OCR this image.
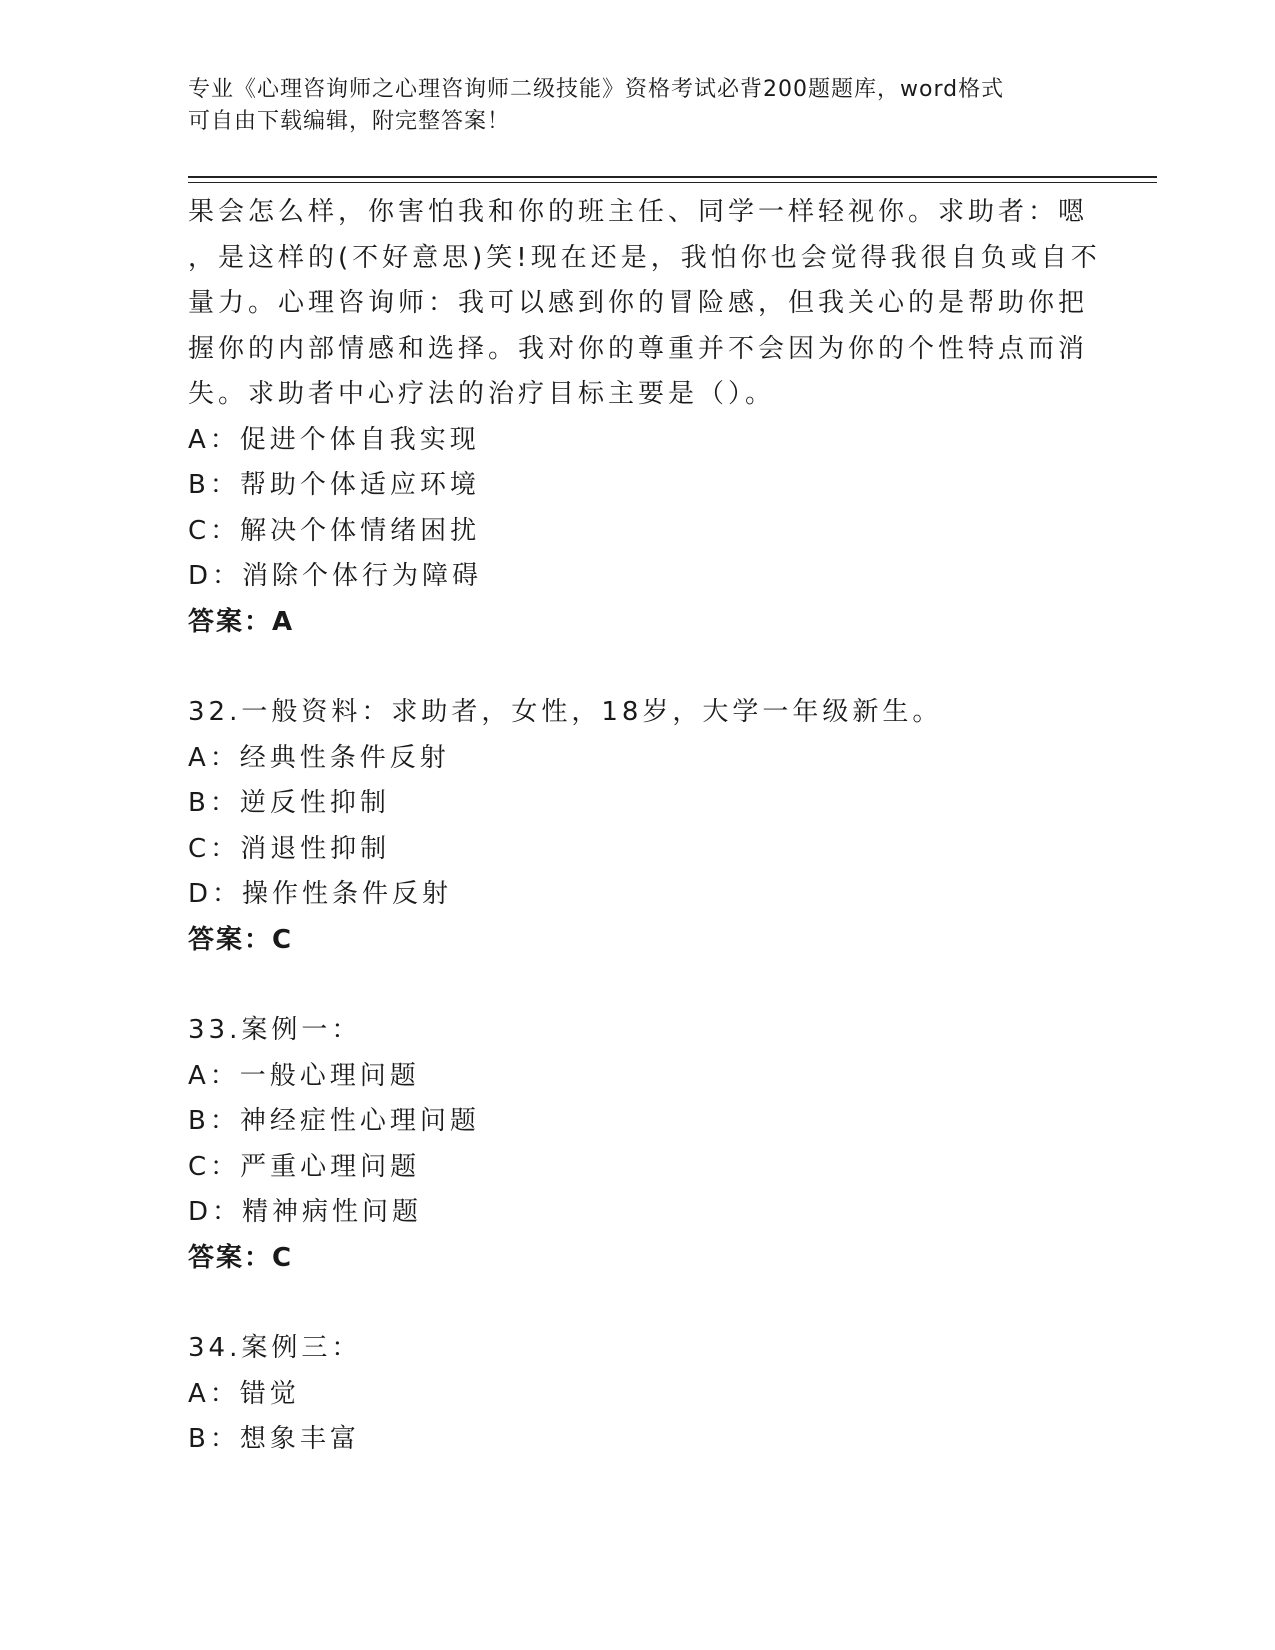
专业《心理咨询师之心理咨询师二级技能》资格考试必背200题题库，word格式
可自由下载编辑，附完整答案！
果会怎么样，你害怕我和你的班主任、同学一样轻视你。求助者：嗯
，是这样的(不好意思)笑!现在还是，我怕你也会觉得我很自负或自不
量力。心理咨询师：我可以感到你的冒险感，但我关心的是帮助你把
握你的内部情感和选择。我对你的尊重并不会因为你的个性特点而消
失。求助者中心疗法的治疗目标主要是（）。
A：促进个体自我实现
B：帮助个体适应环境
C：解决个体情绪困扰
D：消除个体行为障碍
答案：A
32.一般资料：求助者，女性，18岁，大学一年级新生。
A：经典性条件反射
B：逆反性抑制
C：消退性抑制
D：操作性条件反射
答案：C
33.案例一：
A：一般心理问题
B：神经症性心理问题
C：严重心理问题
D：精神病性问题
答案：C
34.案例三：
A：错觉
B：想象丰富
